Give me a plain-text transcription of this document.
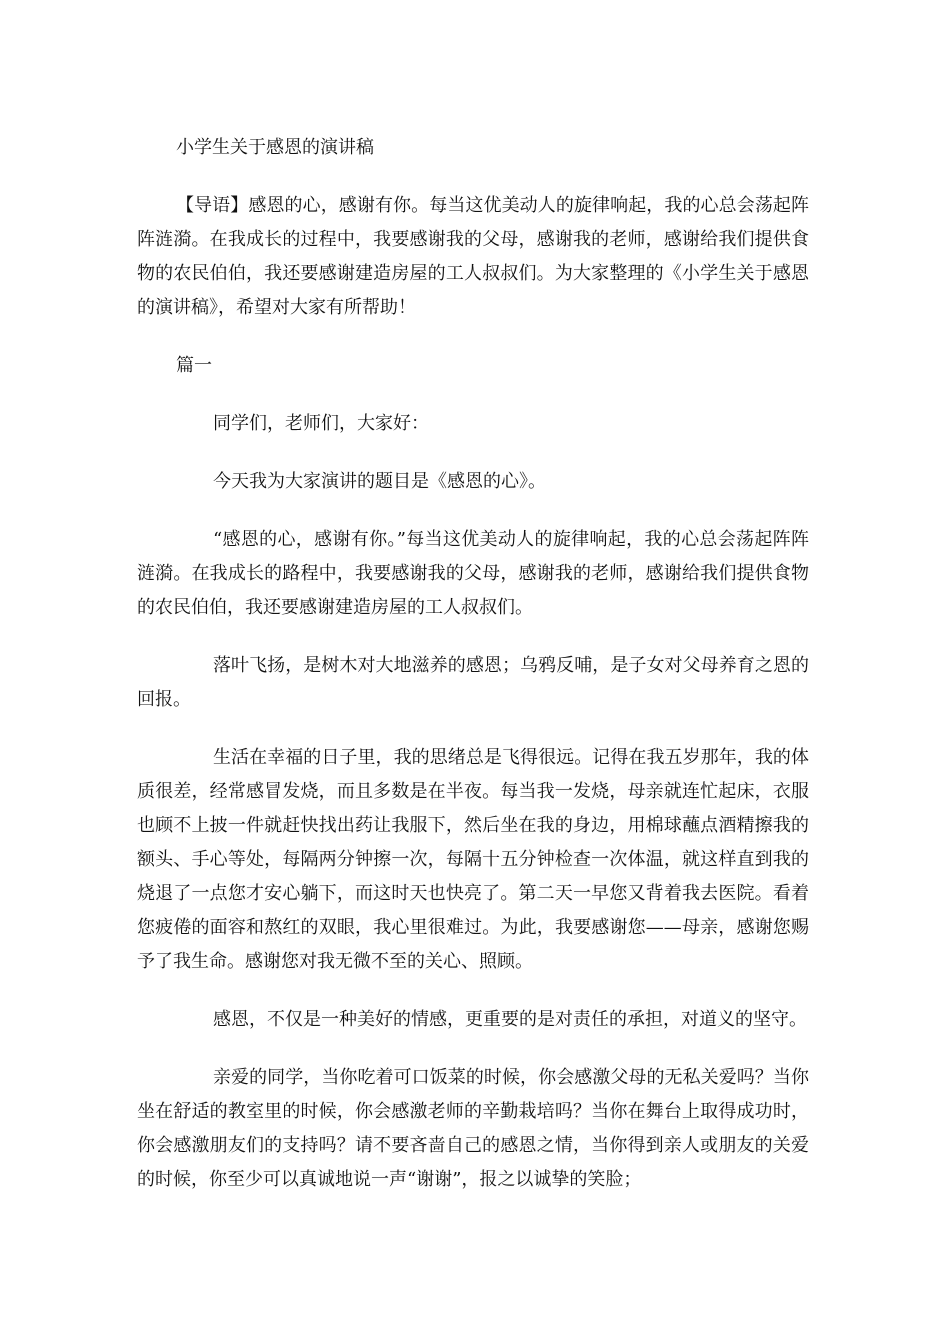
小学生关于感恩的演讲稿

【导语】感恩的心，感谢有你。每当这优美动人的旋律响起，我的心总会荡起阵阵涟漪。在我成长的过程中，我要感谢我的父母，感谢我的老师，感谢给我们提供食物的农民伯伯，我还要感谢建造房屋的工人叔叔们。为大家整理的《小学生关于感恩的演讲稿》，希望对大家有所帮助！

篇一

同学们，老师们，大家好：

今天我为大家演讲的题目是《感恩的心》。

“感恩的心，感谢有你。”每当这优美动人的旋律响起，我的心总会荡起阵阵涟漪。在我成长的路程中，我要感谢我的父母，感谢我的老师，感谢给我们提供食物的农民伯伯，我还要感谢建造房屋的工人叔叔们。

落叶飞扬，是树木对大地滋养的感恩；乌鸦反哺，是子女对父母养育之恩的回报。

生活在幸福的日子里，我的思绪总是飞得很远。记得在我五岁那年，我的体质很差，经常感冒发烧，而且多数是在半夜。每当我一发烧，母亲就连忙起床，衣服也顾不上披一件就赶快找出药让我服下，然后坐在我的身边，用棉球蘸点酒精擦我的额头、手心等处，每隔两分钟擦一次，每隔十五分钟检查一次体温，就这样直到我的烧退了一点您才安心躺下，而这时天也快亮了。第二天一早您又背着我去医院。看着您疲倦的面容和熬红的双眼，我心里很难过。为此，我要感谢您——母亲，感谢您赐予了我生命。感谢您对我无微不至的关心、照顾。

感恩，不仅是一种美好的情感，更重要的是对责任的承担，对道义的坚守。

亲爱的同学，当你吃着可口饭菜的时候，你会感激父母的无私关爱吗？当你坐在舒适的教室里的时候，你会感激老师的辛勤栽培吗？当你在舞台上取得成功时，你会感激朋友们的支持吗？请不要吝啬自己的感恩之情，当你得到亲人或朋友的关爱的时候，你至少可以真诚地说一声“谢谢”，报之以诚挚的笑脸；
